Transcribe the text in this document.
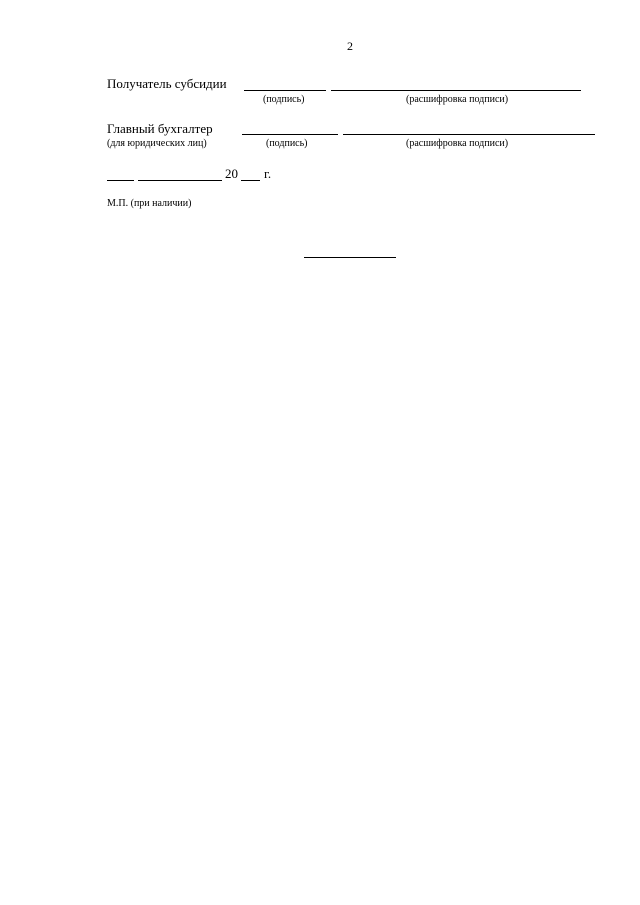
2
Получатель субсидии
(подпись)	(расшифровка подписи)
Главный бухгалтер
(для юридических лиц)	(подпись)	(расшифровка подписи)
20 г.
М.П. (при наличии)
